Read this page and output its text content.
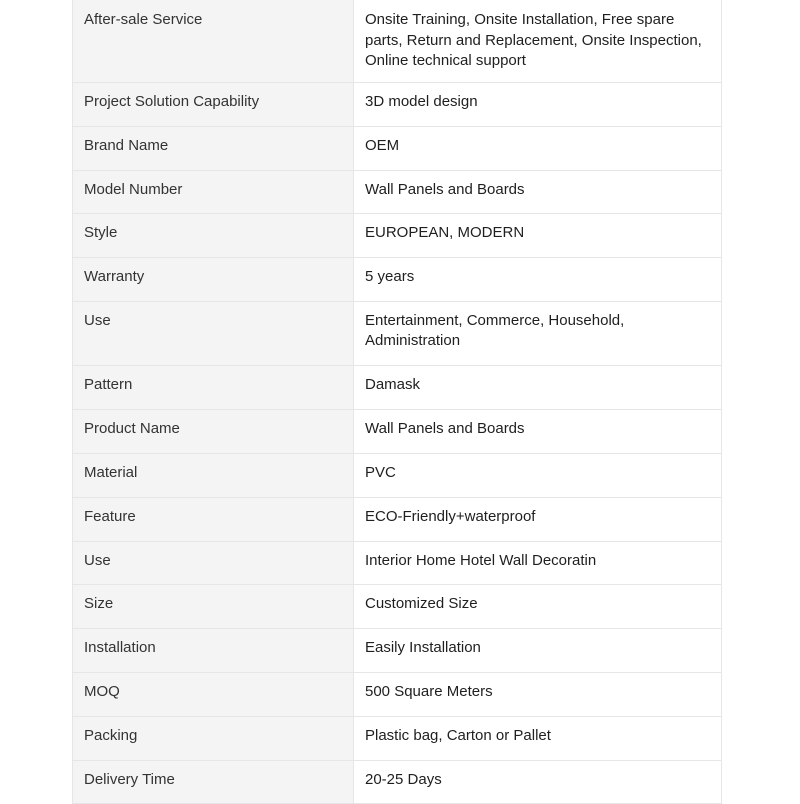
After-sale Service	Onsite Training, Onsite Installation, Free spare parts, Return and Replacement, Onsite Inspection, Online technical support
Project Solution Capability	3D model design
Brand Name	OEM
Model Number	Wall Panels and Boards
Style	EUROPEAN, MODERN
Warranty	5 years
Use	Entertainment, Commerce, Household, Administration
Pattern	Damask
Product Name	Wall Panels and Boards
Material	PVC
Feature	ECO-Friendly+waterproof
Use	Interior Home Hotel Wall Decoratin
Size	Customized Size
Installation	Easily Installation
MOQ	500 Square Meters
Packing	Plastic bag, Carton or Pallet
Delivery Time	20-25 Days
